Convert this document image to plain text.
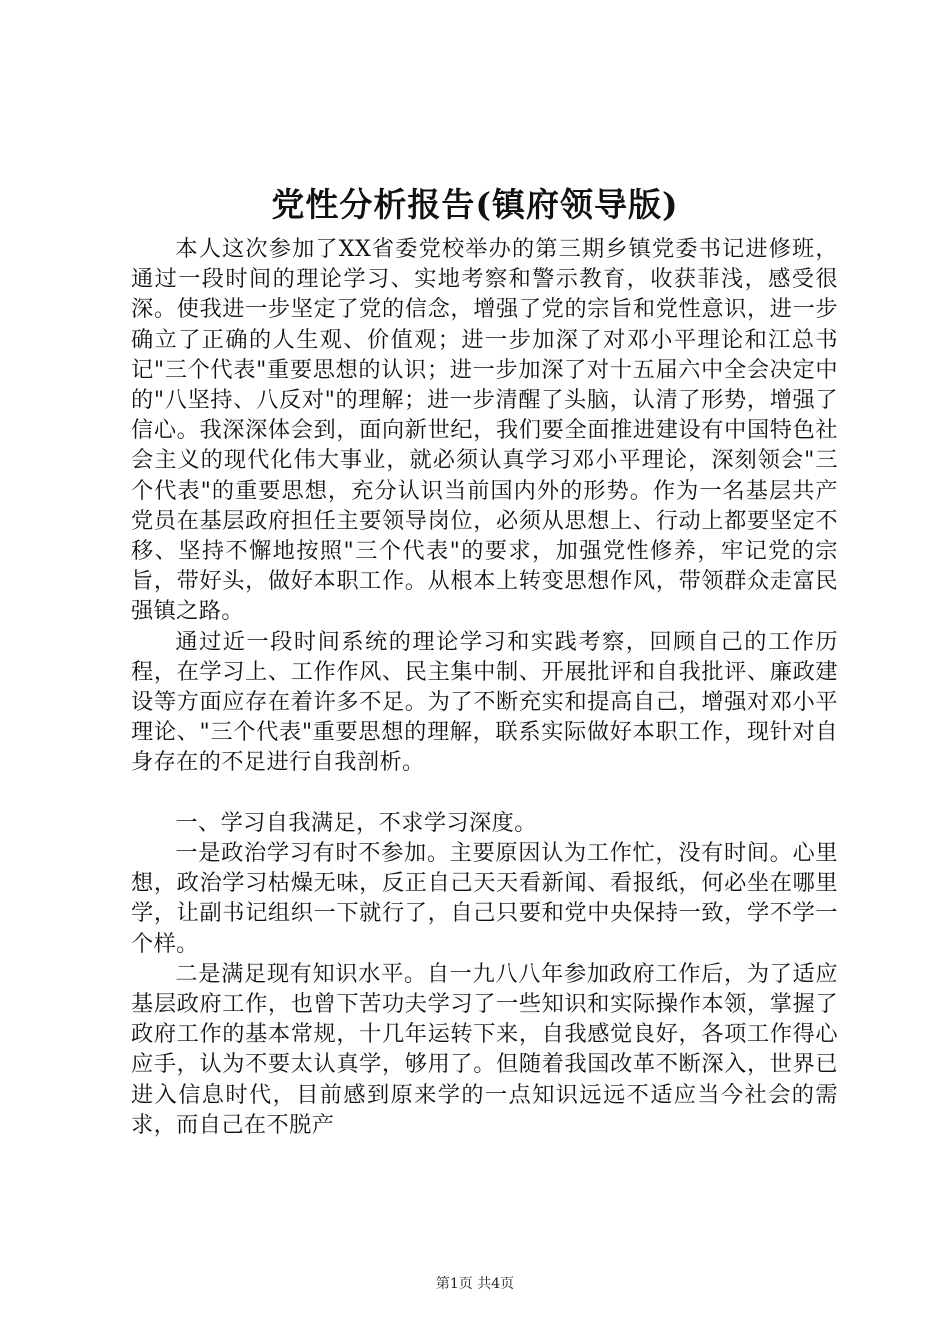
党性分析报告(镇府领导版)

本人这次参加了XX省委党校举办的第三期乡镇党委书记进修班，通过一段时间的理论学习、实地考察和警示教育，收获菲浅，感受很深。使我进一步坚定了党的信念，增强了党的宗旨和党性意识，进一步确立了正确的人生观、价值观；进一步加深了对邓小平理论和江总书记"三个代表"重要思想的认识；进一步加深了对十五届六中全会决定中的"八坚持、八反对"的理解；进一步清醒了头脑，认清了形势，增强了信心。我深深体会到，面向新世纪，我们要全面推进建设有中国特色社会主义的现代化伟大事业，就必须认真学习邓小平理论，深刻领会"三个代表"的重要思想，充分认识当前国内外的形势。作为一名基层共产党员在基层政府担任主要领导岗位，必须从思想上、行动上都要坚定不移、坚持不懈地按照"三个代表"的要求，加强党性修养，牢记党的宗旨，带好头，做好本职工作。从根本上转变思想作风，带领群众走富民强镇之路。

通过近一段时间系统的理论学习和实践考察，回顾自己的工作历程，在学习上、工作作风、民主集中制、开展批评和自我批评、廉政建设等方面应存在着许多不足。为了不断充实和提高自己，增强对邓小平理论、"三个代表"重要思想的理解，联系实际做好本职工作，现针对自身存在的不足进行自我剖析。

一、学习自我满足，不求学习深度。

一是政治学习有时不参加。主要原因认为工作忙，没有时间。心里想，政治学习枯燥无味，反正自己天天看新闻、看报纸，何必坐在哪里学，让副书记组织一下就行了，自己只要和党中央保持一致，学不学一个样。

二是满足现有知识水平。自一九八八年参加政府工作后，为了适应基层政府工作，也曾下苦功夫学习了一些知识和实际操作本领，掌握了政府工作的基本常规，十几年运转下来，自我感觉良好，各项工作得心应手，认为不要太认真学，够用了。但随着我国改革不断深入，世界已进入信息时代，目前感到原来学的一点知识远远不适应当今社会的需求，而自己在不脱产

第1页 共4页
